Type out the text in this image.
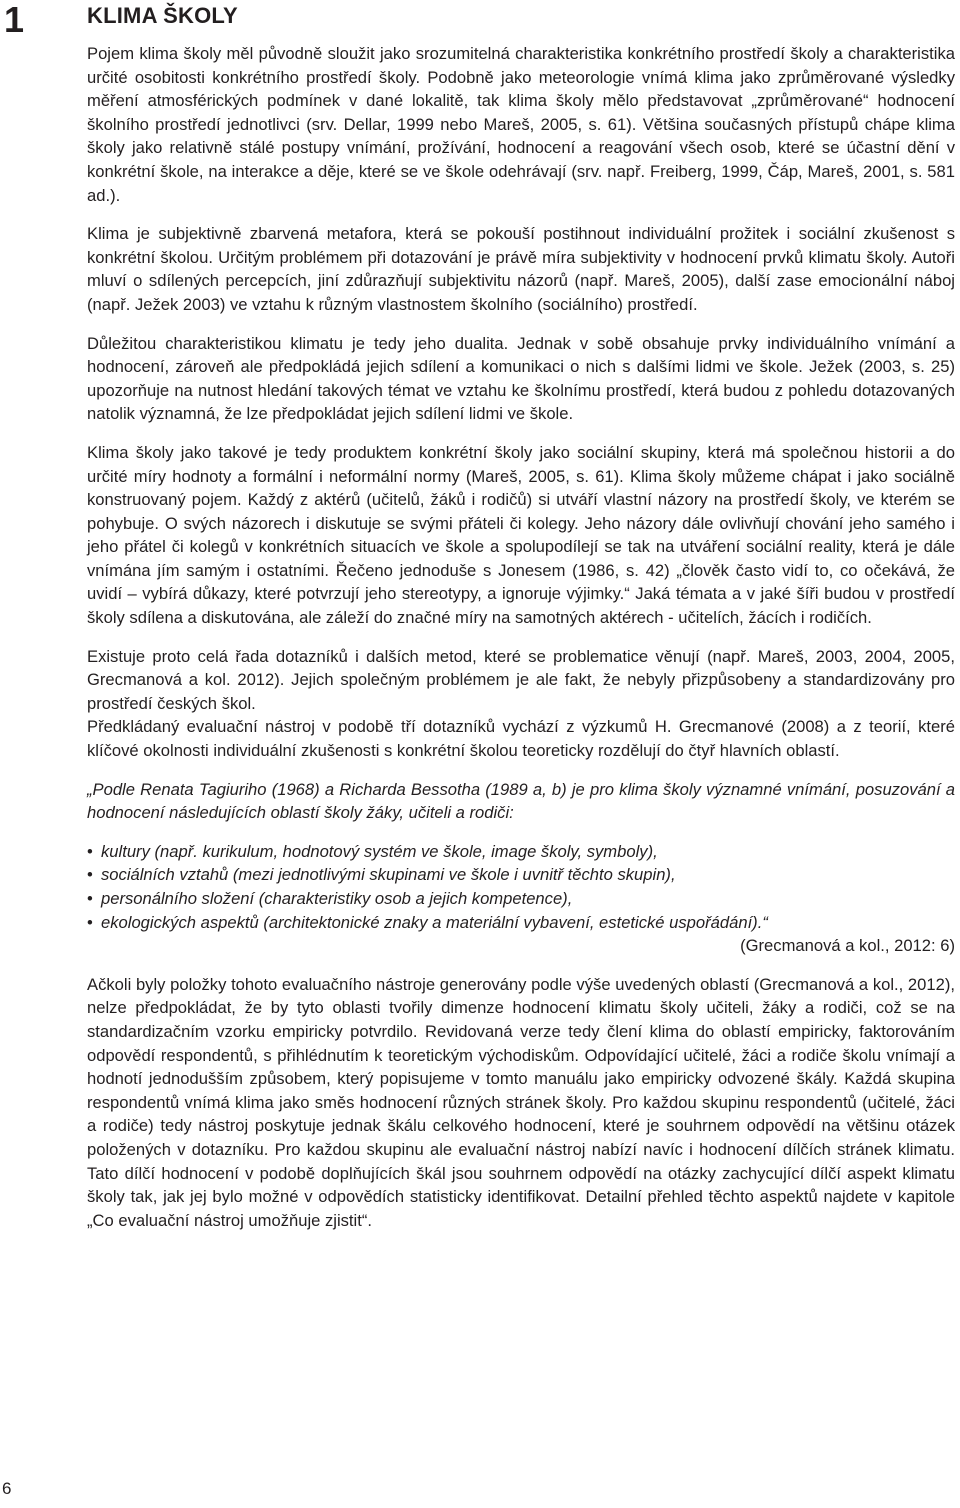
1	KLIMA ŠKOLY

Pojem klima školy měl původně sloužit jako srozumitelná charakteristika konkrétního prostředí školy a charakteristika určité osobitosti konkrétního prostředí školy. Podobně jako meteorologie vnímá klima jako zprůměrované výsledky měření atmosférických podmínek v dané lokalitě, tak klima školy mělo představovat „zprůměrované“ hodnocení školního prostředí jednotlivci (srv. Dellar, 1999 nebo Mareš, 2005, s. 61). Většina současných přístupů chápe klima školy jako relativně stálé postupy vnímání, prožívání, hodnocení a reagování všech osob, které se účastní dění v konkrétní škole, na interakce a děje, které se ve škole odehrávají (srv. např. Freiberg, 1999, Čáp, Mareš, 2001, s. 581 ad.).

Klima je subjektivně zbarvená metafora, která se pokouší postihnout individuální prožitek i sociální zkušenost s konkrétní školou. Určitým problémem při dotazování je právě míra subjektivity v hodnocení prvků klimatu školy. Autoři mluví o sdílených percepcích, jiní zdůrazňují subjektivitu názorů (např. Mareš, 2005), další zase emocionální náboj (např. Ježek 2003) ve vztahu k různým vlastnostem školního (sociálního) prostředí.

Důležitou charakteristikou klimatu je tedy jeho dualita. Jednak v sobě obsahuje prvky individuálního vnímání a hodnocení, zároveň ale předpokládá jejich sdílení a komunikaci o nich s dalšími lidmi ve škole. Ježek (2003, s. 25) upozorňuje na nutnost hledání takových témat ve vztahu ke školnímu prostředí, která budou z pohledu dotazovaných natolik významná, že lze předpokládat jejich sdílení lidmi ve škole.

Klima školy jako takové je tedy produktem konkrétní školy jako sociální skupiny, která má společnou historii a do určité míry hodnoty a formální i neformální normy (Mareš, 2005, s. 61). Klima školy můžeme chápat i jako sociálně konstruovaný pojem. Každý z aktérů (učitelů, žáků i rodičů) si utváří vlastní názory na prostředí školy, ve kterém se pohybuje. O svých názorech i diskutuje se svými přáteli či kolegy. Jeho názory dále ovlivňují chování jeho samého i jeho přátel či kolegů v konkrétních situacích ve škole a spolupodílejí se tak na utváření sociální reality, která je dále vnímána jím samým i ostatními. Řečeno jednoduše s Jonesem (1986, s. 42) „člověk často vidí to, co očekává, že uvidí – vybírá důkazy, které potvrzují jeho stereotypy, a ignoruje výjimky.“ Jaká témata a v jaké šíři budou v prostředí školy sdílena a diskutována, ale záleží do značné míry na samotných aktérech - učitelích, žácích i rodičích.

Existuje proto celá řada dotazníků i dalších metod, které se problematice věnují (např. Mareš, 2003, 2004, 2005, Grecmanová a kol. 2012). Jejich společným problémem je ale fakt, že nebyly přizpůsobeny a standardizovány pro prostředí českých škol.

Předkládaný evaluační nástroj v podobě tří dotazníků vychází z výzkumů H. Grecmanové (2008) a z teorií, které klíčové okolnosti individuální zkušenosti s konkrétní školou teoreticky rozdělují do čtyř hlavních oblastí.

„Podle Renata Tagiuriho (1968) a Richarda Bessotha (1989 a, b) je pro klima školy významné vnímání, posuzování a hodnocení následujících oblastí školy žáky, učiteli a rodiči:

• kultury (např. kurikulum, hodnotový systém ve škole, image školy, symboly),
• sociálních vztahů (mezi jednotlivými skupinami ve škole i uvnitř těchto skupin),
• personálního složení (charakteristiky osob a jejich kompetence),
• ekologických aspektů (architektonické znaky a materiální vybavení, estetické uspořádání).“

(Grecmanová a kol., 2012: 6)

Ačkoli byly položky tohoto evaluačního nástroje generovány podle výše uvedených oblastí (Grecmanová a kol., 2012), nelze předpokládat, že by tyto oblasti tvořily dimenze hodnocení klimatu školy učiteli, žáky a rodiči, což se na standardizačním vzorku empiricky potvrdilo. Revidovaná verze tedy člení klima do oblastí empiricky, faktorováním odpovědí respondentů, s přihlédnutím k teoretickým východiskům. Odpovídající učitelé, žáci a rodiče školu vnímají a hodnotí jednodušším způsobem, který popisujeme v tomto manuálu jako empiricky odvozené škály. Každá skupina respondentů vnímá klima jako směs hodnocení různých stránek školy. Pro každou skupinu respondentů (učitelé, žáci a rodiče) tedy nástroj poskytuje jednak škálu celkového hodnocení, které je souhrnem odpovědí na většinu otázek položených v dotazníku. Pro každou skupinu ale evaluační nástroj nabízí navíc i hodnocení dílčích stránek klimatu. Tato dílčí hodnocení v podobě doplňujících škál jsou souhrnem odpovědí na otázky zachycující dílčí aspekt klimatu školy tak, jak jej bylo možné v odpovědích statisticky identifikovat. Detailní přehled těchto aspektů najdete v kapitole „Co evaluační nástroj umožňuje zjistit“.

6
